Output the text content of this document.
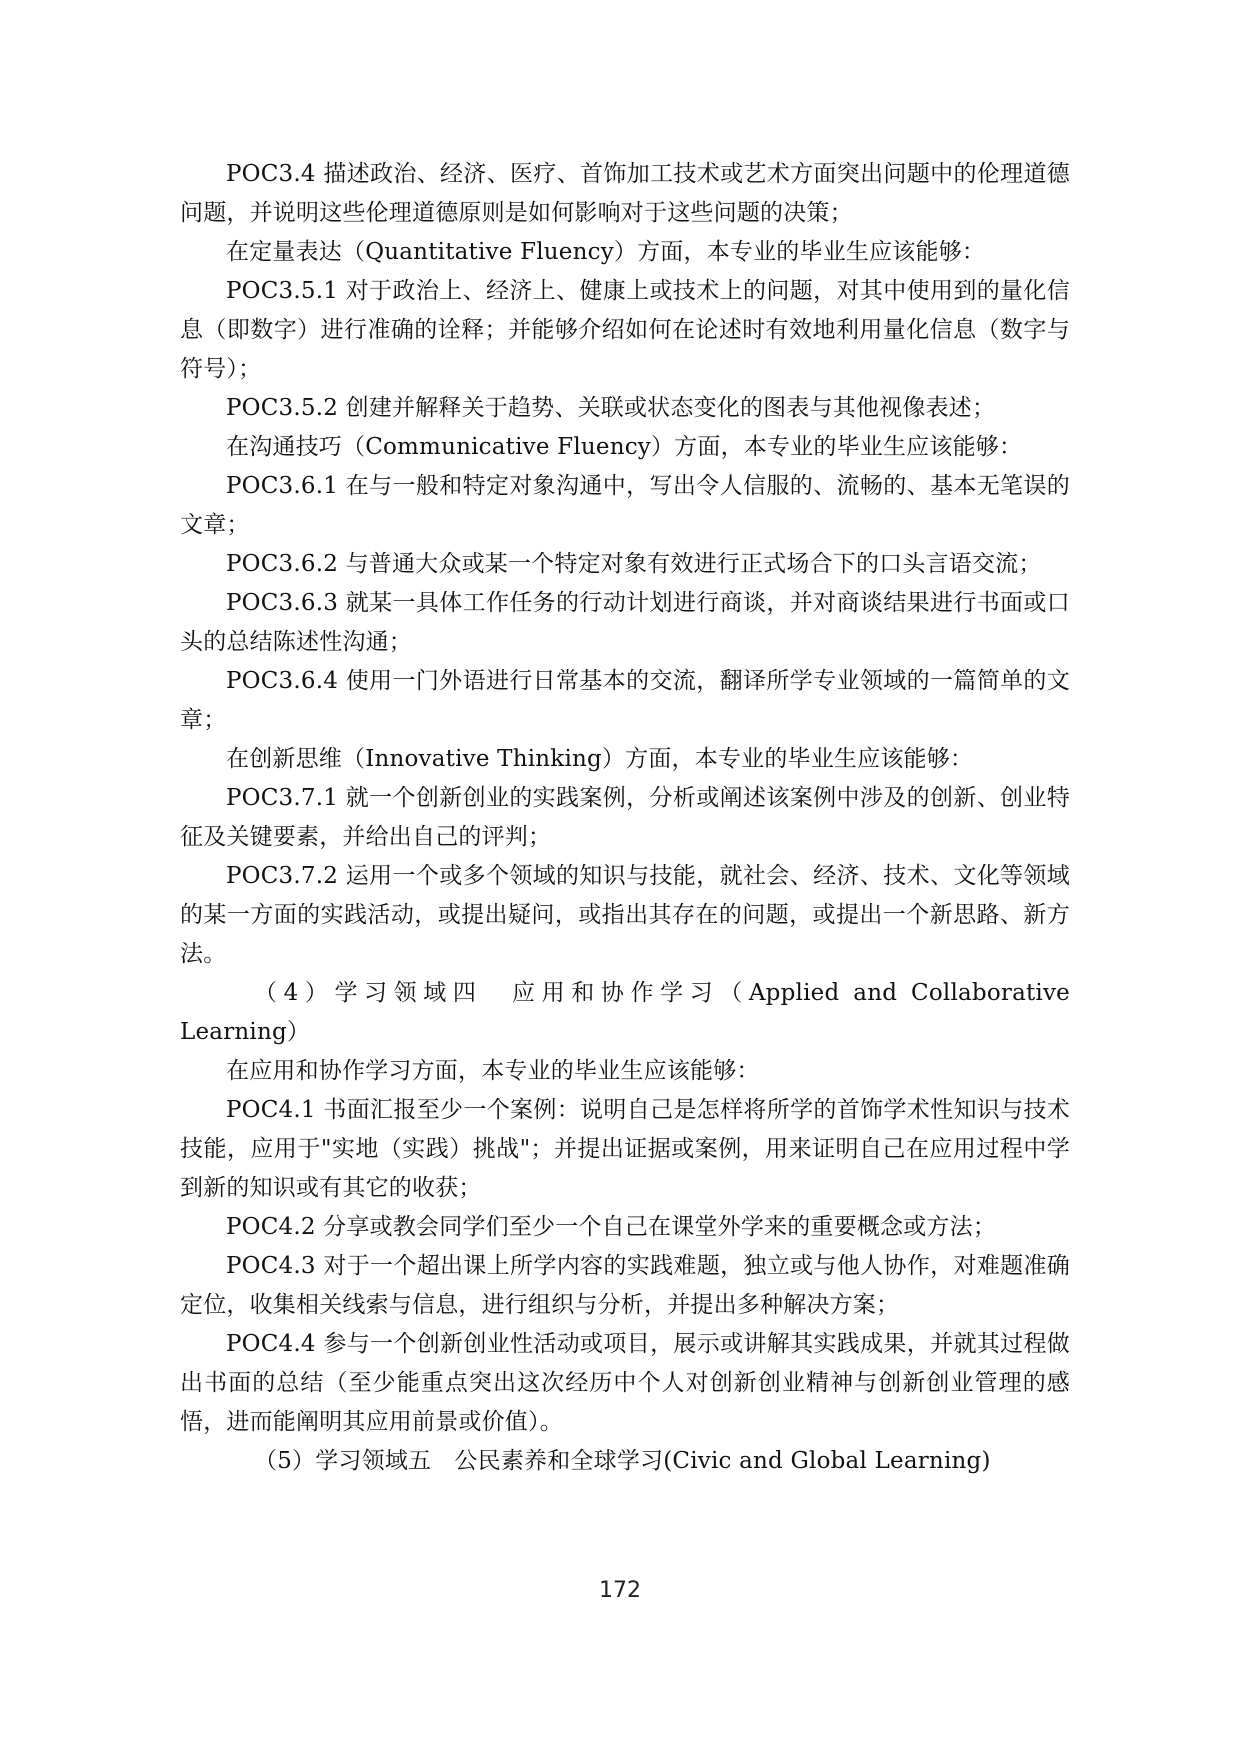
POC3.4 描述政治、经济、医疗、首饰加工技术或艺术方面突出问题中的伦理道德问题，并说明这些伦理道德原则是如何影响对于这些问题的决策；

在定量表达（Quantitative Fluency）方面，本专业的毕业生应该能够：

POC3.5.1 对于政治上、经济上、健康上或技术上的问题，对其中使用到的量化信息（即数字）进行准确的诠释；并能够介绍如何在论述时有效地利用量化信息（数字与符号）；

POC3.5.2 创建并解释关于趋势、关联或状态变化的图表与其他视像表述；

在沟通技巧（Communicative Fluency）方面，本专业的毕业生应该能够：

POC3.6.1 在与一般和特定对象沟通中，写出令人信服的、流畅的、基本无笔误的文章；

POC3.6.2 与普通大众或某一个特定对象有效进行正式场合下的口头言语交流；

POC3.6.3 就某一具体工作任务的行动计划进行商谈，并对商谈结果进行书面或口头的总结陈述性沟通；

POC3.6.4 使用一门外语进行日常基本的交流，翻译所学专业领域的一篇简单的文章；

在创新思维（Innovative Thinking）方面，本专业的毕业生应该能够：

POC3.7.1 就一个创新创业的实践案例，分析或阐述该案例中涉及的创新、创业特征及关键要素，并给出自己的评判；

POC3.7.2 运用一个或多个领域的知识与技能，就社会、经济、技术、文化等领域的某一方面的实践活动，或提出疑问，或指出其存在的问题，或提出一个新思路、新方法。

（4）学习领域四　应用和协作学习（Applied and Collaborative Learning）

在应用和协作学习方面，本专业的毕业生应该能够：

POC4.1 书面汇报至少一个案例：说明自己是怎样将所学的首饰学术性知识与技术技能，应用于"实地（实践）挑战"；并提出证据或案例，用来证明自己在应用过程中学到新的知识或有其它的收获；

POC4.2 分享或教会同学们至少一个自己在课堂外学来的重要概念或方法；

POC4.3 对于一个超出课上所学内容的实践难题，独立或与他人协作，对难题准确定位，收集相关线索与信息，进行组织与分析，并提出多种解决方案；

POC4.4 参与一个创新创业性活动或项目，展示或讲解其实践成果，并就其过程做出书面的总结（至少能重点突出这次经历中个人对创新创业精神与创新创业管理的感悟，进而能阐明其应用前景或价值）。

（5）学习领域五　公民素养和全球学习(Civic and Global Learning)

172
